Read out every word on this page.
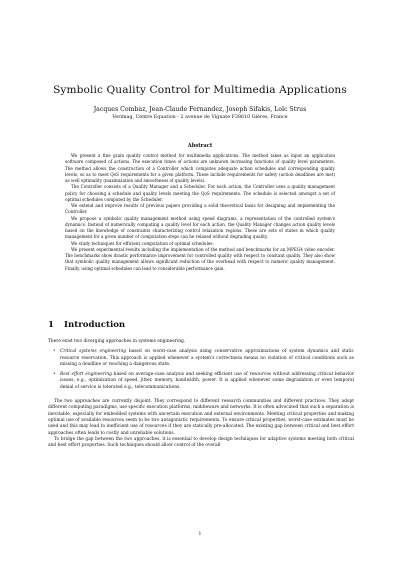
Symbolic Quality Control for Multimedia Applications
Jacques Combaz, Jean-Claude Fernandez, Joseph Sifakis, Loïc Strus
Verimag, Centre Equation - 2 avenue de Vignate F38610 Gières, France
Abstract

We present a fine grain quality control method for multimedia applications. The method takes as input an application software composed of actions. The execution times of actions are unknown increasing functions of quality level parameters. The method allows the construction of a Controller which computes adequate action schedules and corresponding quality levels, so as to meet QoS requirements for a given platform. These include requirements for safety (action deadlines are met) as well optimality (maximization and smoothness of quality levels).

The Controller consists of a Quality Manager and a Scheduler. For each action, the Controller uses a quality management policy for choosing a schedule and quality levels meeting the QoS requirements. The schedule is selected amongst a set of optimal schedules computed by the Scheduler.

We extend and improve results of previous papers providing a solid theoretical basis for designing and implementing the Controller.

We propose a symbolic quality management method using speed diagrams, a representation of the controlled system's dynamics. Instead of numerically computing a quality level for each action, the Quality Manager changes action quality levels based on the knowledge of constraints characterizing control relaxation regions. These are sets of states in which quality management for a given number of computation steps can be relaxed without degrading quality.

We study techniques for efficient computation of optimal schedules.

We present experimental results including the implementation of the method and benchmarks for an MPEG4 video encoder. The benchmarks show drastic performance improvement for controlled quality with respect to constant quality. They also show that symbolic quality management allows significant reduction of the overhead with respect to numeric quality management. Finally, using optimal schedules can lead to considerable performance gain.

1 Introduction

There exist two diverging approaches in systems engineering.

• Critical systems engineering based on worst-case analysis using conservative approximations of system dynamics and static resource reservation. This approach is applied whenever a system's correctness means no violation of critical conditions such as missing a deadline or reaching a dangerous state.
• Best effort engineering based on average-case analysis and seeking efficient use of resources without addressing critical behavior issues, e.g., optimization of speed, jitter, memory, bandwidth, power. It is applied whenever some degradation or even temporal denial of service is tolerated e.g., telecommunications.

The two approaches are currently disjoint. They correspond to different research communities and different practices. They adopt different computing paradigms, use specific execution platforms, middleware and networks. It is often advocated that such a separation is inevitable, especially for embedded systems with uncertain execution and external environments. Meeting critical properties and making optimal use of available resources seem to be two antagonistic requirements. To ensure critical properties, worst-case estimates must be used and this may lead to inefficient use of resources if they are statically pre-allocated. The existing gap between critical and best effort approaches often leads to costly and unreliable solutions.

To bridge the gap between the two approaches, it is essential to develop design techniques for adaptive systems meeting both critical and best effort properties. Such techniques should allow control of the overall

1
